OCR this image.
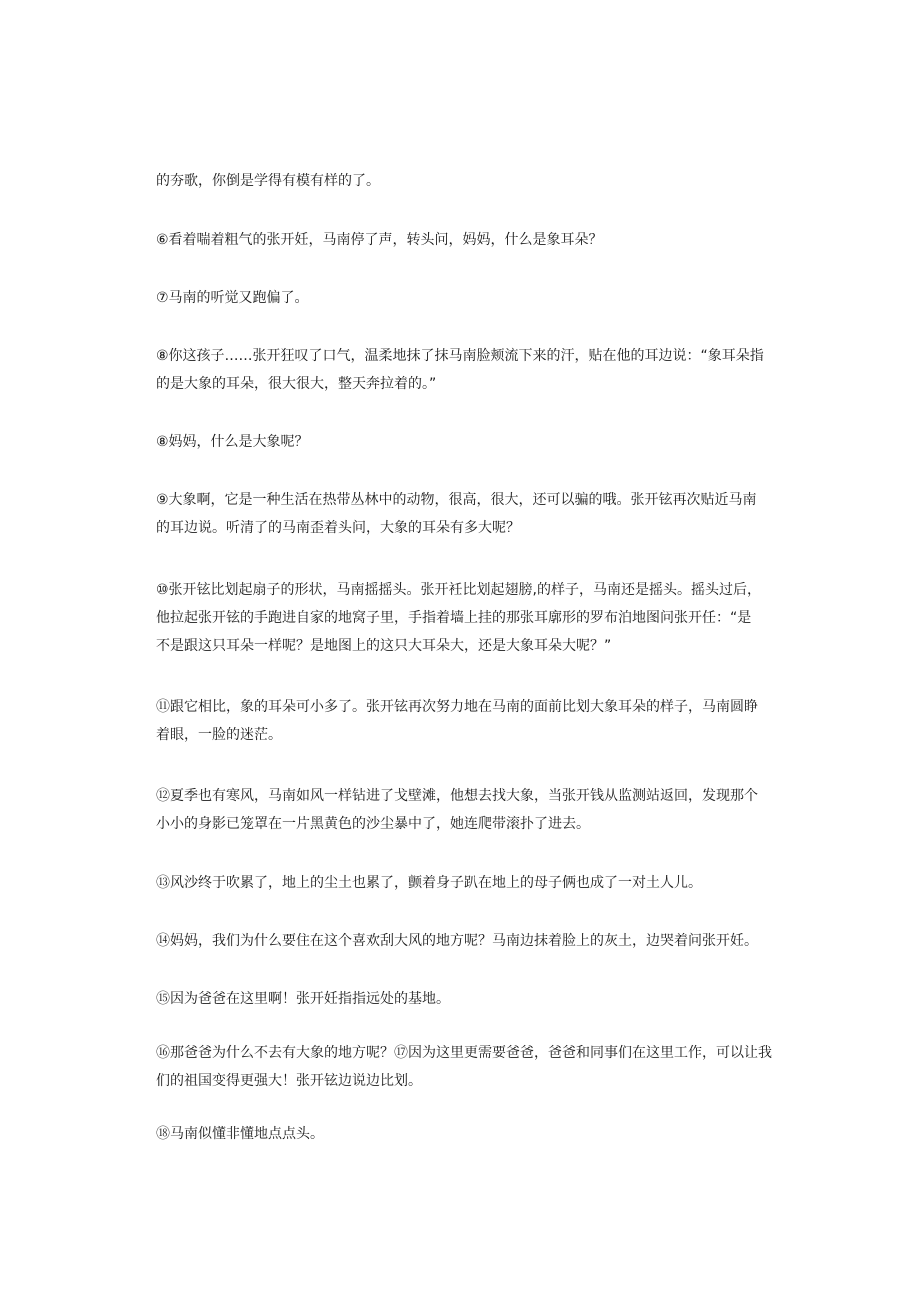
的夯歌，你倒是学得有模有样的了。

⑥看着喘着粗气的张开妊，马南停了声，转头问，妈妈，什么是象耳朵？

⑦马南的听觉又跑偏了。

⑧你这孩子……张开狂叹了口气，温柔地抹了抹马南脸颊流下来的汗，贴在他的耳边说：“象耳朵指
的是大象的耳朵，很大很大，整天奔拉着的。”

⑧妈妈，什么是大象呢？

⑨大象啊，它是一种生活在热带丛林中的动物，很高，很大，还可以骗的哦。张开铉再次贴近马南
的耳边说。听清了的马南歪着头问，大象的耳朵有多大呢？

⑩张开铉比划起扇子的形状，马南摇摇头。张开衽比划起翅膀,的样子，马南还是摇头。摇头过后，
他拉起张开铉的手跑进自家的地窝子里，手指着墙上挂的那张耳廓形的罗布泊地图问张开任：“是
不是跟这只耳朵一样呢？是地图上的这只大耳朵大，还是大象耳朵大呢？”

⑪跟它相比，象的耳朵可小多了。张开铉再次努力地在马南的面前比划大象耳朵的样子，马南圆睁
着眼，一脸的迷茫。

⑫夏季也有寒风，马南如风一样钻进了戈壁滩，他想去找大象，当张开钱从监测站返回，发现那个
小小的身影已笼罩在一片黑黄色的沙尘暴中了，她连爬带滚扑了进去。

⑬风沙终于吹累了，地上的尘土也累了，颤着身子趴在地上的母子俩也成了一对土人儿。

⑭妈妈，我们为什么要住在这个喜欢刮大风的地方呢？马南边抹着脸上的灰土，边哭着问张开妊。

⑮因为爸爸在这里啊！张开妊指指远处的基地。

⑯那爸爸为什么不去有大象的地方呢？⑰因为这里更需要爸爸，爸爸和同事们在这里工作，可以让我
们的祖国变得更强大！张开铉边说边比划。

⑱马南似懂非懂地点点头。
